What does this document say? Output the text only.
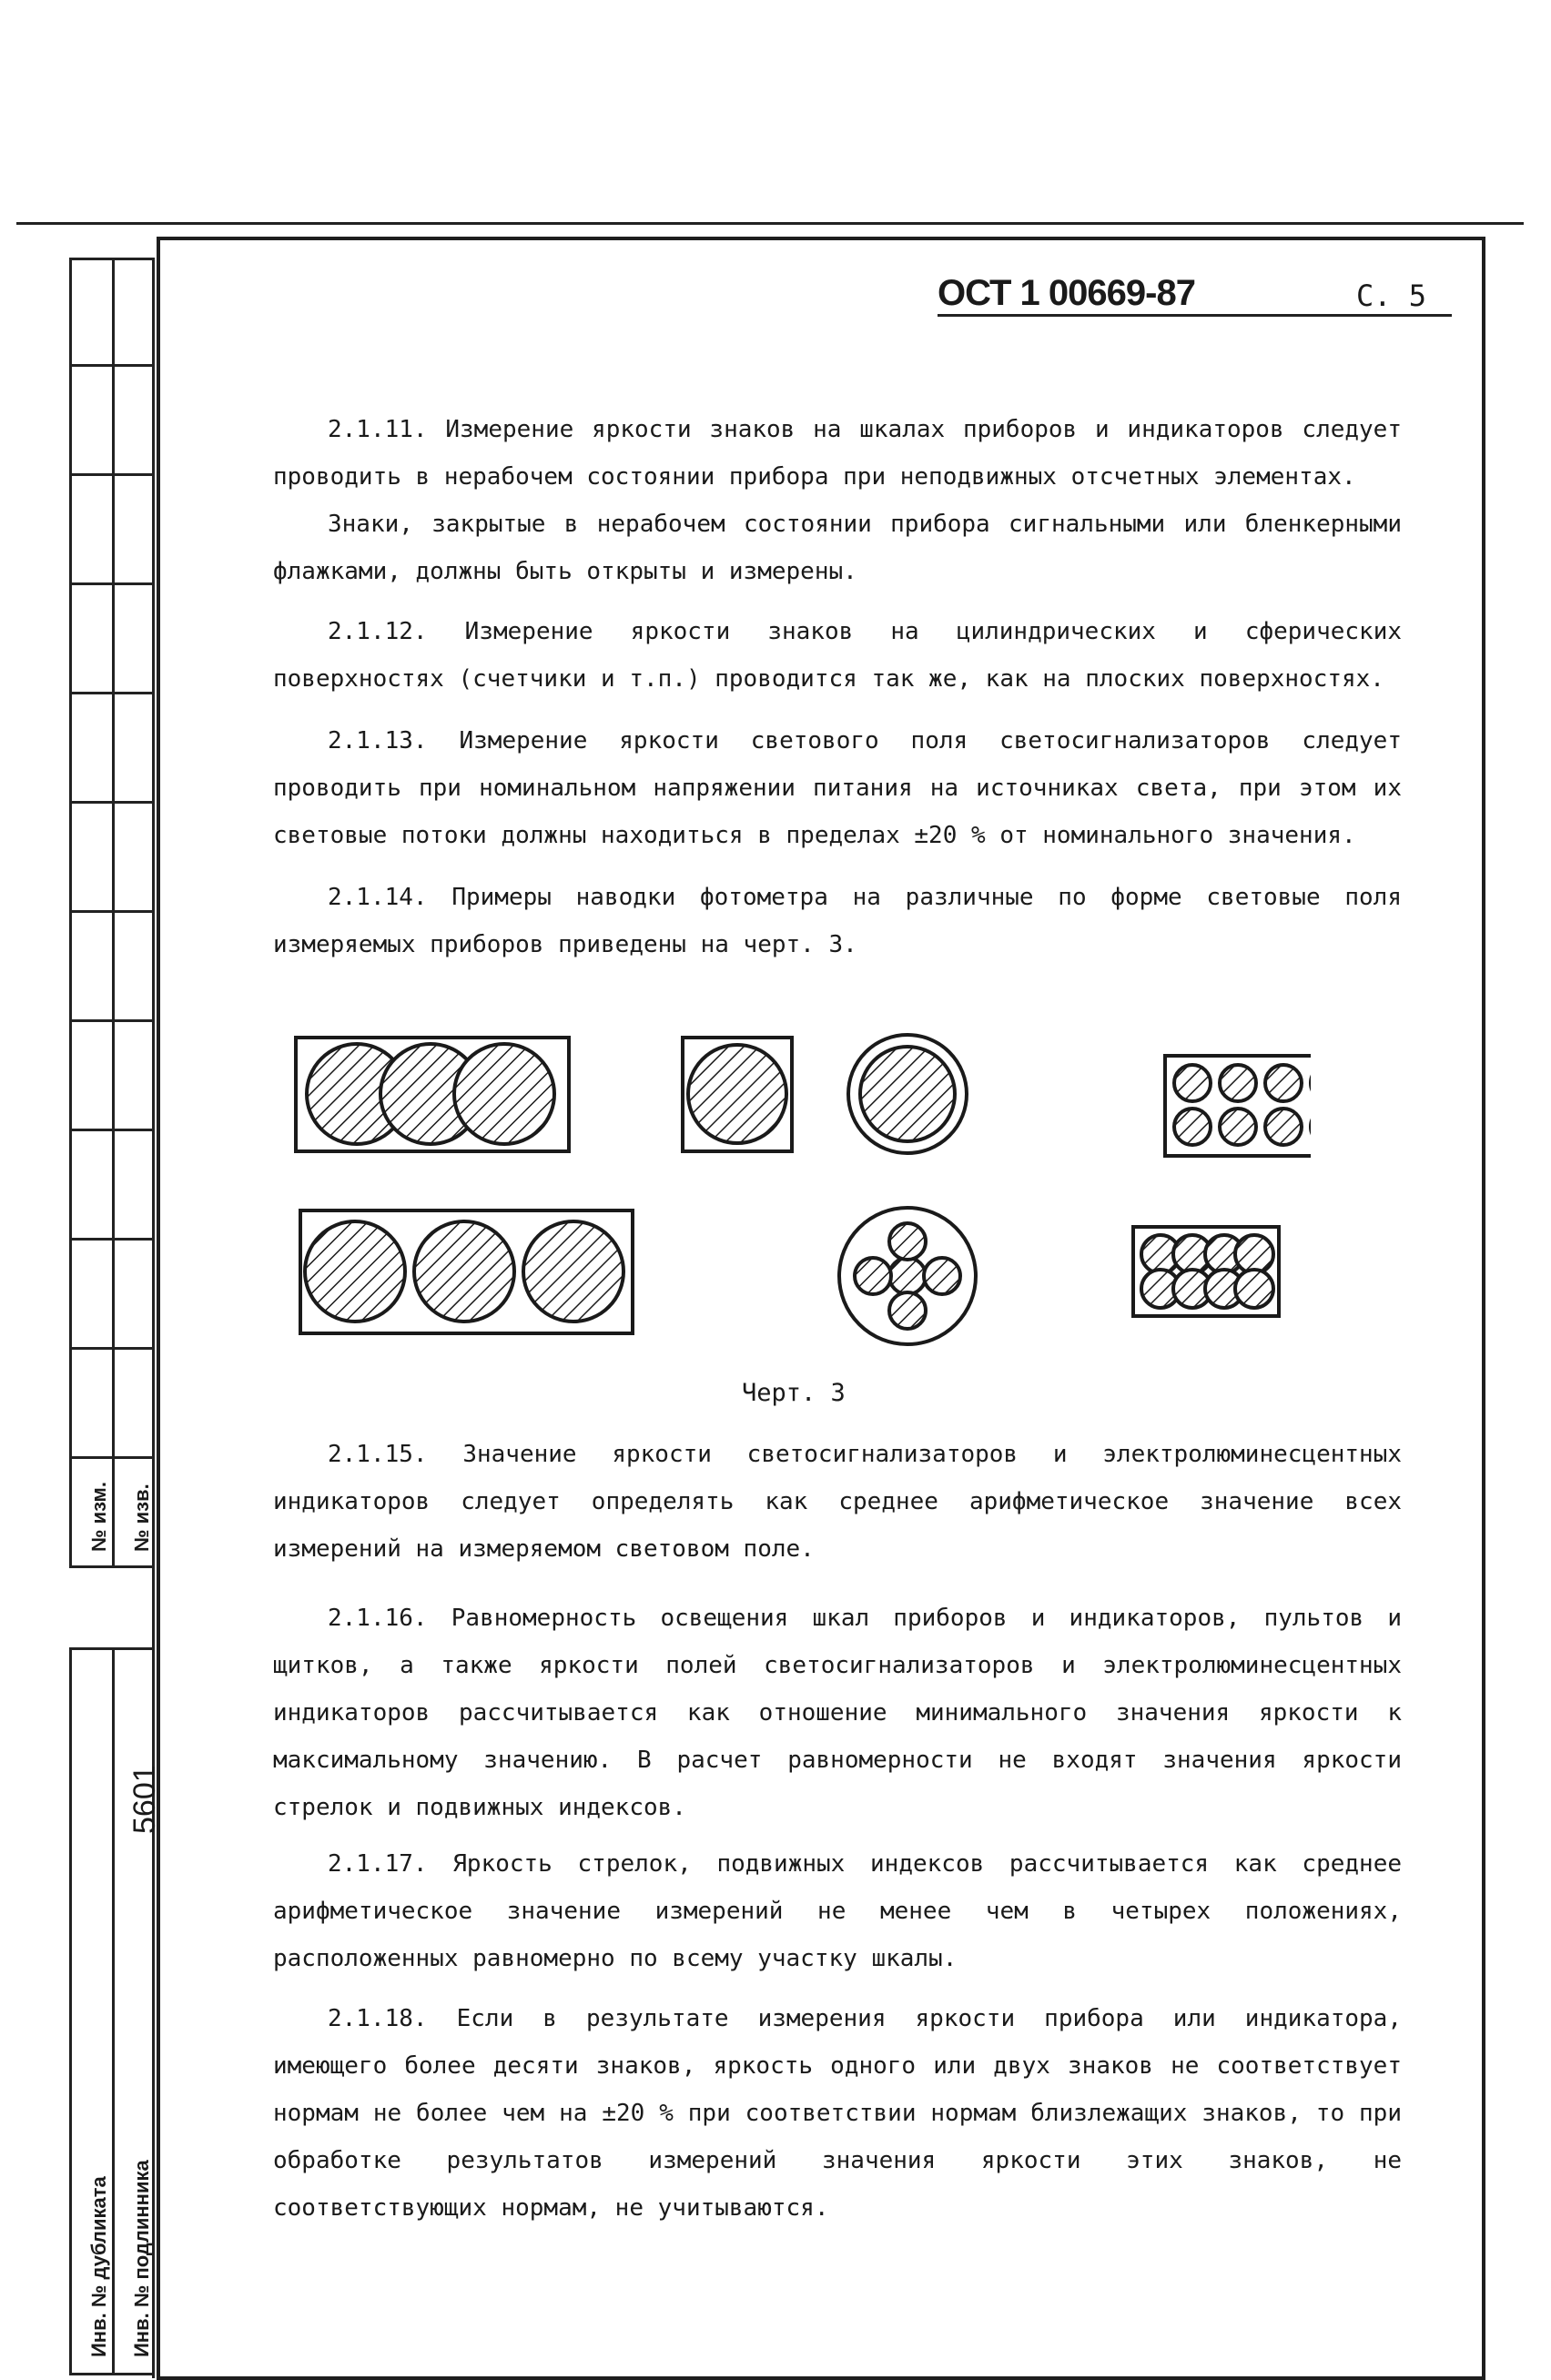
№ изм. № изв.
5601
Инв. № дубликата Инв. № подлинника
ОСТ 1 00669-87	С. 5

2.1.11. Измерение яркости знаков на шкалах приборов и индикаторов следует проводить в нерабочем состоянии прибора при неподвижных отсчетных элементах.

Знаки, закрытые в нерабочем состоянии прибора сигнальными или бленкерными флажками, должны быть открыты и измерены.

2.1.12. Измерение яркости знаков на цилиндрических и сферических поверхностях (счетчики и т.п.) проводится так же, как на плоских поверхностях.

2.1.13. Измерение яркости светового поля светосигнализаторов следует проводить при номинальном напряжении питания на источниках света, при этом их световые потоки должны находиться в пределах ±20 % от номинального значения.

2.1.14. Примеры наводки фотометра на различные по форме световые поля измеряемых приборов приведены на черт. 3.

Черт. 3

2.1.15. Значение яркости светосигнализаторов и электролюминесцентных индикаторов следует определять как среднее арифметическое значение всех измерений на измеряемом световом поле.

2.1.16. Равномерность освещения шкал приборов и индикаторов, пультов и щитков, а также яркости полей светосигнализаторов и электролюминесцентных индикаторов рассчитывается как отношение минимального значения яркости к максимальному значению. В расчет равномерности не входят значения яркости стрелок и подвижных индексов.

2.1.17. Яркость стрелок, подвижных индексов рассчитывается как среднее арифметическое значение измерений не менее чем в четырех положениях, расположенных равномерно по всему участку шкалы.

2.1.18. Если в результате измерения яркости прибора или индикатора, имеющего более десяти знаков, яркость одного или двух знаков не соответствует нормам не более чем на ±20 % при соответствии нормам близлежащих знаков, то при обработке результатов измерений значения яркости этих знаков, не соответствующих нормам, не учитываются.
